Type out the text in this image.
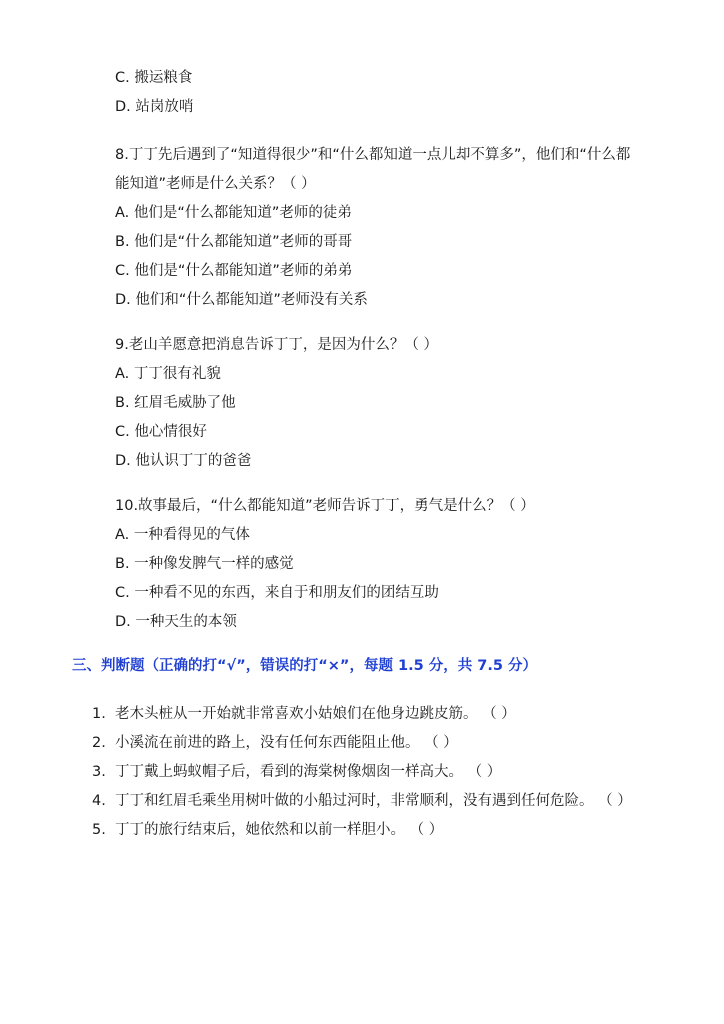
C. 搬运粮食
D. 站岗放哨
8.丁丁先后遇到了“知道得很少”和“什么都知道一点儿却不算多”，他们和“什么都
能知道”老师是什么关系？（ ）
A. 他们是“什么都能知道”老师的徒弟
B. 他们是“什么都能知道”老师的哥哥
C. 他们是“什么都能知道”老师的弟弟
D. 他们和“什么都能知道”老师没有关系
9.老山羊愿意把消息告诉丁丁，是因为什么？（ ）
A. 丁丁很有礼貌
B. 红眉毛威胁了他
C. 他心情很好
D. 他认识丁丁的爸爸
10.故事最后，“什么都能知道”老师告诉丁丁，勇气是什么？（ ）
A. 一种看得见的气体
B. 一种像发脾气一样的感觉
C. 一种看不见的东西，来自于和朋友们的团结互助
D. 一种天生的本领
三、判断题（正确的打“√”，错误的打“×”，每题 1.5 分，共 7.5 分）
1. 老木头桩从一开始就非常喜欢小姑娘们在他身边跳皮筋。 （ ）
2. 小溪流在前进的路上，没有任何东西能阻止他。 （ ）
3. 丁丁戴上蚂蚁帽子后，看到的海棠树像烟囱一样高大。 （ ）
4. 丁丁和红眉毛乘坐用树叶做的小船过河时，非常顺利，没有遇到任何危险。 （ ）
5. 丁丁的旅行结束后，她依然和以前一样胆小。 （ ）
